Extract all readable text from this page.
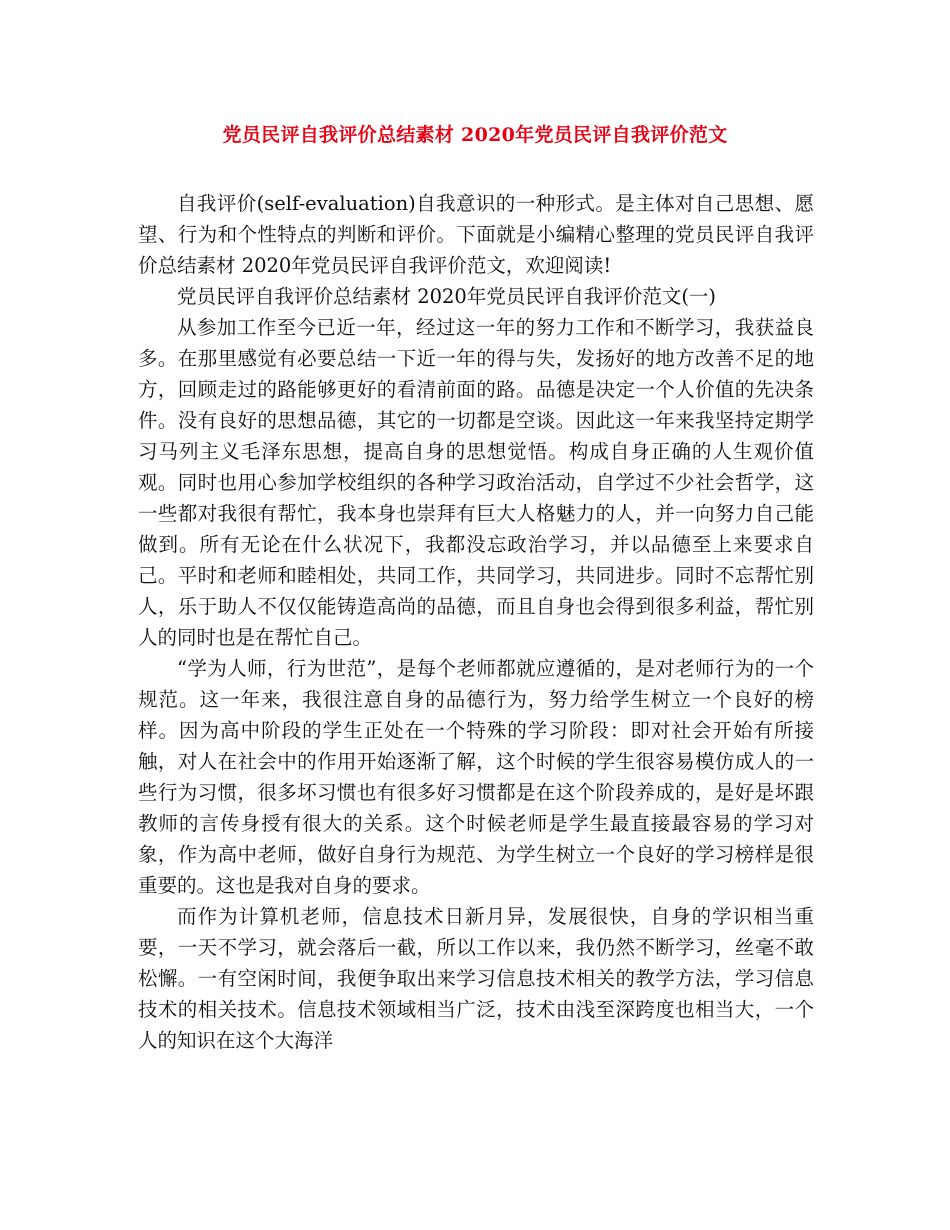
党员民评自我评价总结素材 2020年党员民评自我评价范文

自我评价(self-evaluation)自我意识的一种形式。是主体对自己思想、愿望、行为和个性特点的判断和评价。下面就是小编精心整理的党员民评自我评价总结素材 2020年党员民评自我评价范文，欢迎阅读!

党员民评自我评价总结素材 2020年党员民评自我评价范文(一)

从参加工作至今已近一年，经过这一年的努力工作和不断学习，我获益良多。在那里感觉有必要总结一下近一年的得与失，发扬好的地方改善不足的地方，回顾走过的路能够更好的看清前面的路。品德是决定一个人价值的先决条件。没有良好的思想品德，其它的一切都是空谈。因此这一年来我坚持定期学习马列主义毛泽东思想，提高自身的思想觉悟。构成自身正确的人生观价值观。同时也用心参加学校组织的各种学习政治活动，自学过不少社会哲学，这一些都对我很有帮忙，我本身也崇拜有巨大人格魅力的人，并一向努力自己能做到。所有无论在什么状况下，我都没忘政治学习，并以品德至上来要求自己。平时和老师和睦相处，共同工作，共同学习，共同进步。同时不忘帮忙别人，乐于助人不仅仅能铸造高尚的品德，而且自身也会得到很多利益，帮忙别人的同时也是在帮忙自己。

“学为人师，行为世范”，是每个老师都就应遵循的，是对老师行为的一个规范。这一年来，我很注意自身的品德行为，努力给学生树立一个良好的榜样。因为高中阶段的学生正处在一个特殊的学习阶段：即对社会开始有所接触，对人在社会中的作用开始逐渐了解，这个时候的学生很容易模仿成人的一些行为习惯，很多坏习惯也有很多好习惯都是在这个阶段养成的，是好是坏跟教师的言传身授有很大的关系。这个时候老师是学生最直接最容易的学习对象，作为高中老师，做好自身行为规范、为学生树立一个良好的学习榜样是很重要的。这也是我对自身的要求。

而作为计算机老师，信息技术日新月异，发展很快，自身的学识相当重要，一天不学习，就会落后一截，所以工作以来，我仍然不断学习，丝毫不敢松懈。一有空闲时间，我便争取出来学习信息技术相关的教学方法，学习信息技术的相关技术。信息技术领域相当广泛，技术由浅至深跨度也相当大，一个人的知识在这个大海洋
